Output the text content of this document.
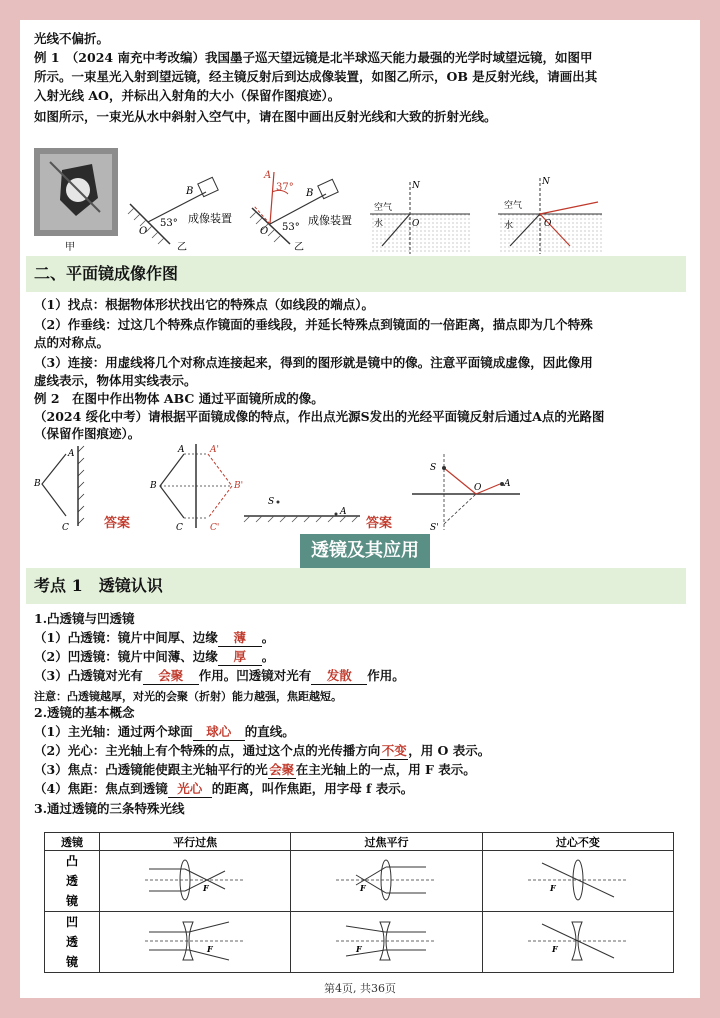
光线不偏折。
例 1　（2024 南充中考改编）我国墨子巡天望远镜是北半球巡天能力最强的光学时域望远镜，如图甲
所示。一束星光入射到望远镜，经主镜反射后到达成像装置，如图乙所示，OB 是反射光线，请画出其
入射光线 AO，并标出入射角的大小（保留作图痕迹）。
如图所示，一束光从水中斜射入空气中，请在图中画出反射光线和大致的折射光线。
甲
O
B
53° 成像装置
乙
A
37°
O
B
53°
成像装置
乙
N
空气
水	O
N
空气
水	O
二、平面镜成像作图
（1）找点：根据物体形状找出它的特殊点（如线段的端点）。
（2）作垂线：过这几个特殊点作镜面的垂线段，并延长特殊点到镜面的一倍距离，描点即为几个特殊
点的对称点。
（3）连接：用虚线将几个对称点连接起来，得到的图形就是镜中的像。注意平面镜成虚像，因此像用
虚线表示，物体用实线表示。
例 2　在图中作出物体 ABC 通过平面镜所成的像。
（2024 绥化中考）请根据平面镜成像的特点，作出点光源S发出的光经平面镜反射后通过A点的光路图
（保留作图痕迹）。
A
B
C
A
B
C
A'
B'
C'
S
A
S
A
O
S'
答案	答案
透镜及其应用
考点 1　透镜认识
1.凸透镜与凹透镜
（1）凸透镜：镜片中间厚、边缘 薄 。
（2）凹透镜：镜片中间薄、边缘 厚 。
（3）凸透镜对光有 会聚 作用。凹透镜对光有 发散 作用。
注意：凸透镜越厚，对光的会聚（折射）能力越强，焦距越短。
2.透镜的基本概念
（1）主光轴：通过两个球面 球心 的直线。
（2）光心：主光轴上有个特殊的点，通过这个点的光传播方向不变 ，用 O 表示。
（3）焦点：凸透镜能使跟主光轴平行的光会聚 在主光轴上的一点，用 F 表示。
（4）焦距：焦点到透镜 光心 的距离，叫作焦距，用字母 f 表示。
3.通过透镜的三条特殊光线
透镜	平行过焦	过焦平行	过心不变
凸
透
镜	F	F	F

凹
透
镜	F	F	F
第4页, 共36页
